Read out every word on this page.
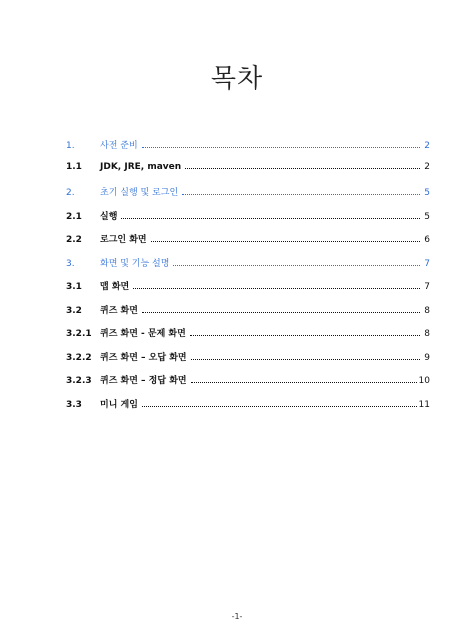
목차
1.	사전 준비	2
1.1	JDK, JRE, maven	2
2.	초기 실행 및 로그인	5
2.1	실행	5
2.2	로그인 화면	6
3.	화면 및 기능 설명	7
3.1	맵 화면	7
3.2	퀴즈 화면	8
3.2.1 퀴즈 화면 - 문제 화면	8
3.2.2 퀴즈 화면 – 오답 화면	9
3.2.3 퀴즈 화면 – 정답 화면	10
3.3	미니 게임	11
-1-
